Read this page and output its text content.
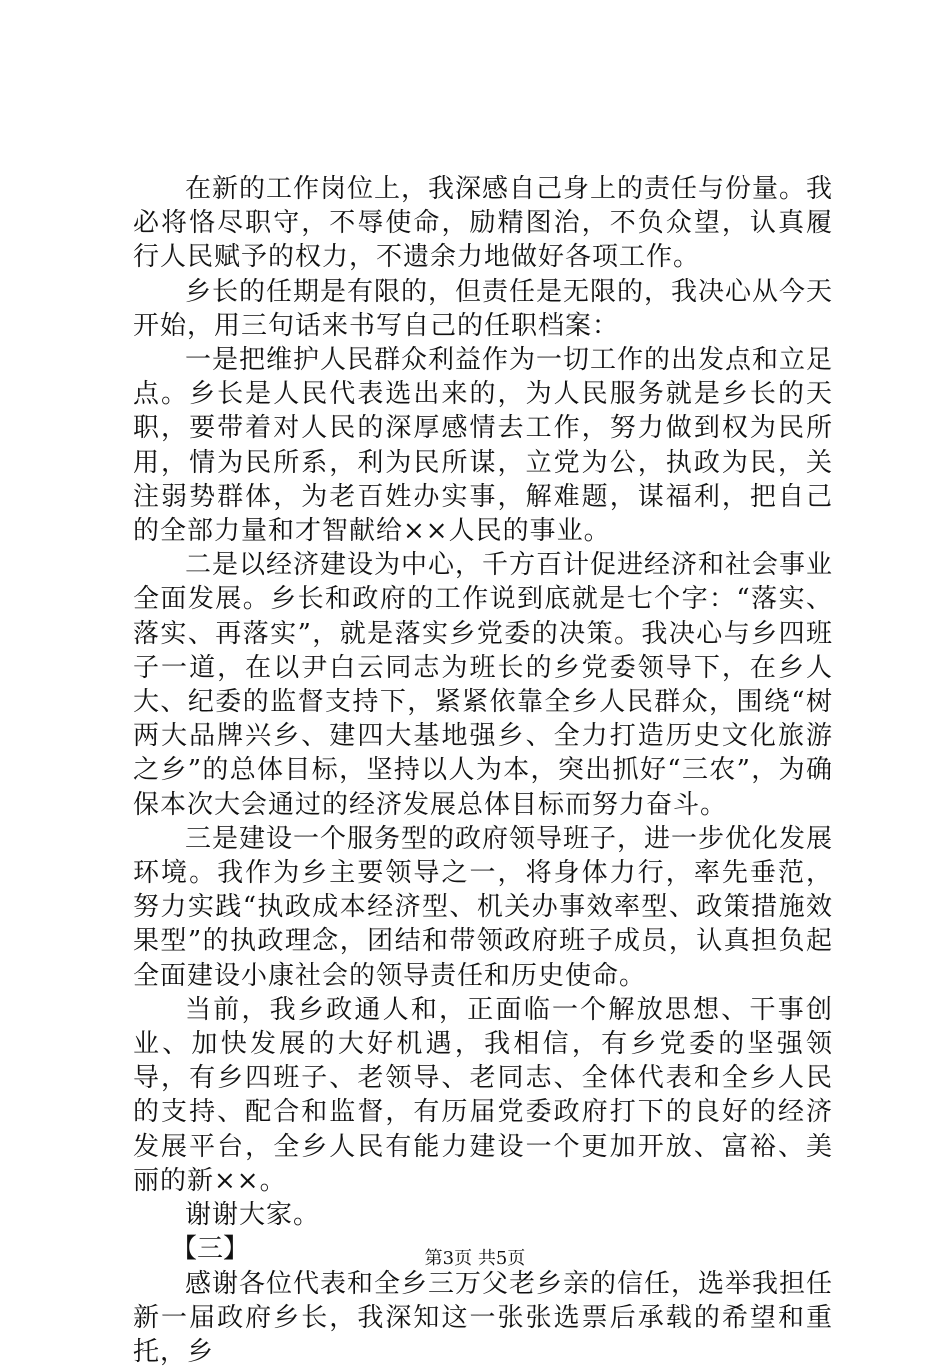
在新的工作岗位上，我深感自己身上的责任与份量。我必将恪尽职守，不辱使命，励精图治，不负众望，认真履行人民赋予的权力，不遗余力地做好各项工作。

乡长的任期是有限的，但责任是无限的，我决心从今天开始，用三句话来书写自己的任职档案：

一是把维护人民群众利益作为一切工作的出发点和立足点。乡长是人民代表选出来的，为人民服务就是乡长的天职，要带着对人民的深厚感情去工作，努力做到权为民所用，情为民所系，利为民所谋，立党为公，执政为民，关注弱势群体，为老百姓办实事，解难题，谋福利，把自己的全部力量和才智献给××人民的事业。

二是以经济建设为中心，千方百计促进经济和社会事业全面发展。乡长和政府的工作说到底就是七个字：“落实、落实、再落实”，就是落实乡党委的决策。我决心与乡四班子一道，在以尹白云同志为班长的乡党委领导下，在乡人大、纪委的监督支持下，紧紧依靠全乡人民群众，围绕“树两大品牌兴乡、建四大基地强乡、全力打造历史文化旅游之乡”的总体目标，坚持以人为本，突出抓好“三农”，为确保本次大会通过的经济发展总体目标而努力奋斗。

三是建设一个服务型的政府领导班子，进一步优化发展环境。我作为乡主要领导之一，将身体力行，率先垂范，努力实践“执政成本经济型、机关办事效率型、政策措施效果型”的执政理念，团结和带领政府班子成员，认真担负起全面建设小康社会的领导责任和历史使命。

当前，我乡政通人和，正面临一个解放思想、干事创业、加快发展的大好机遇，我相信，有乡党委的坚强领导，有乡四班子、老领导、老同志、全体代表和全乡人民的支持、配合和监督，有历届党委政府打下的良好的经济发展平台，全乡人民有能力建设一个更加开放、富裕、美丽的新××。

谢谢大家。

【三】

感谢各位代表和全乡三万父老乡亲的信任，选举我担任新一届政府乡长，我深知这一张张选票后承载的希望和重托，乡

第3页 共5页
